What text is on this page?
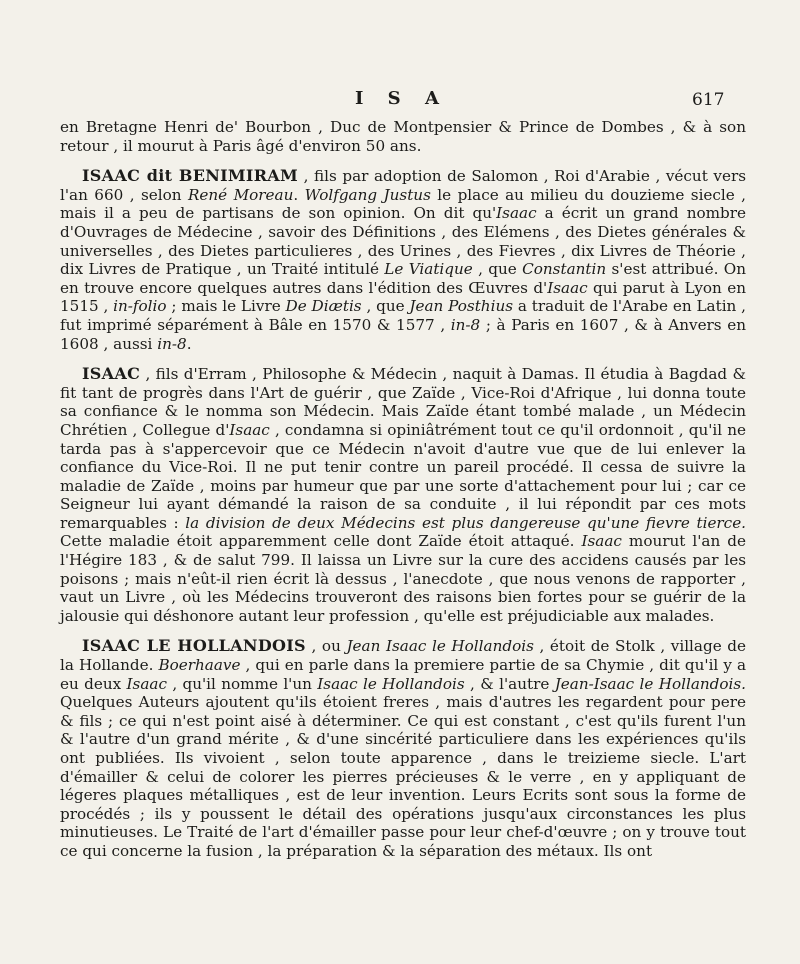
I S A	617

en Bretagne Henri de' Bourbon , Duc de Montpensier & Prince de Dombes , & à son retour , il mourut à Paris âgé d'environ 50 ans.

ISAAC dit BENIMIRAM , fils par adoption de Salomon , Roi d'Arabie , vécut vers l'an 660 , selon René Moreau. Wolfgang Justus le place au milieu du douzieme siecle , mais il a peu de partisans de son opinion. On dit qu'Isaac a écrit un grand nombre d'Ouvrages de Médecine , savoir des Définitions , des Elémens , des Dietes générales & universelles , des Dietes particulieres , des Urines , des Fievres , dix Livres de Théorie , dix Livres de Pratique , un Traité intitulé Le Viatique , que Constantin s'est attribué. On en trouve encore quelques autres dans l'édition des Œuvres d'Isaac qui parut à Lyon en 1515 , in-folio ; mais le Livre De Diætis , que Jean Posthius a traduit de l'Arabe en Latin , fut imprimé séparément à Bâle en 1570 & 1577 , in-8 ; à Paris en 1607 , & à Anvers en 1608 , aussi in-8.

ISAAC , fils d'Erram , Philosophe & Médecin , naquit à Damas. Il étudia à Bagdad & fit tant de progrès dans l'Art de guérir , que Zaïde , Vice-Roi d'Afrique , lui donna toute sa confiance & le nomma son Médecin. Mais Zaïde étant tombé malade , un Médecin Chrétien , Collegue d'Isaac , condamna si opiniâtrément tout ce qu'il ordonnoit , qu'il ne tarda pas à s'appercevoir que ce Médecin n'avoit d'autre vue que de lui enlever la confiance du Vice-Roi. Il ne put tenir contre un pareil procédé. Il cessa de suivre la maladie de Zaïde , moins par humeur que par une sorte d'attachement pour lui ; car ce Seigneur lui ayant démandé la raison de sa conduite , il lui répondit par ces mots remarquables : la division de deux Médecins est plus dangereuse qu'une fievre tierce. Cette maladie étoit apparemment celle dont Zaïde étoit attaqué. Isaac mourut l'an de l'Hégire 183 , & de salut 799. Il laissa un Livre sur la cure des accidens causés par les poisons ; mais n'eût-il rien écrit là dessus , l'anecdote , que nous venons de rapporter , vaut un Livre , où les Médecins trouveront des raisons bien fortes pour se guérir de la jalousie qui déshonore autant leur profession , qu'elle est préjudiciable aux malades.

ISAAC LE HOLLANDOIS , ou Jean Isaac le Hollandois , étoit de Stolk , village de la Hollande. Boerhaave , qui en parle dans la premiere partie de sa Chymie , dit qu'il y a eu deux Isaac , qu'il nomme l'un Isaac le Hollandois , & l'autre Jean-Isaac le Hollandois. Quelques Auteurs ajoutent qu'ils étoient freres , mais d'autres les regardent pour pere & fils ; ce qui n'est point aisé à déterminer. Ce qui est constant , c'est qu'ils furent l'un & l'autre d'un grand mérite , & d'une sincérité particuliere dans les expériences qu'ils ont publiées. Ils vivoient , selon toute apparence , dans le treizieme siecle. L'art d'émailler & celui de colorer les pierres précieuses & le verre , en y appliquant de légeres plaques métalliques , est de leur invention. Leurs Ecrits sont sous la forme de procédés ; ils y poussent le détail des opérations jusqu'aux circonstances les plus minutieuses. Le Traité de l'art d'émailler passe pour leur chef-d'œuvre ; on y trouve tout ce qui concerne la fusion , la préparation & la séparation des métaux. Ils ont
